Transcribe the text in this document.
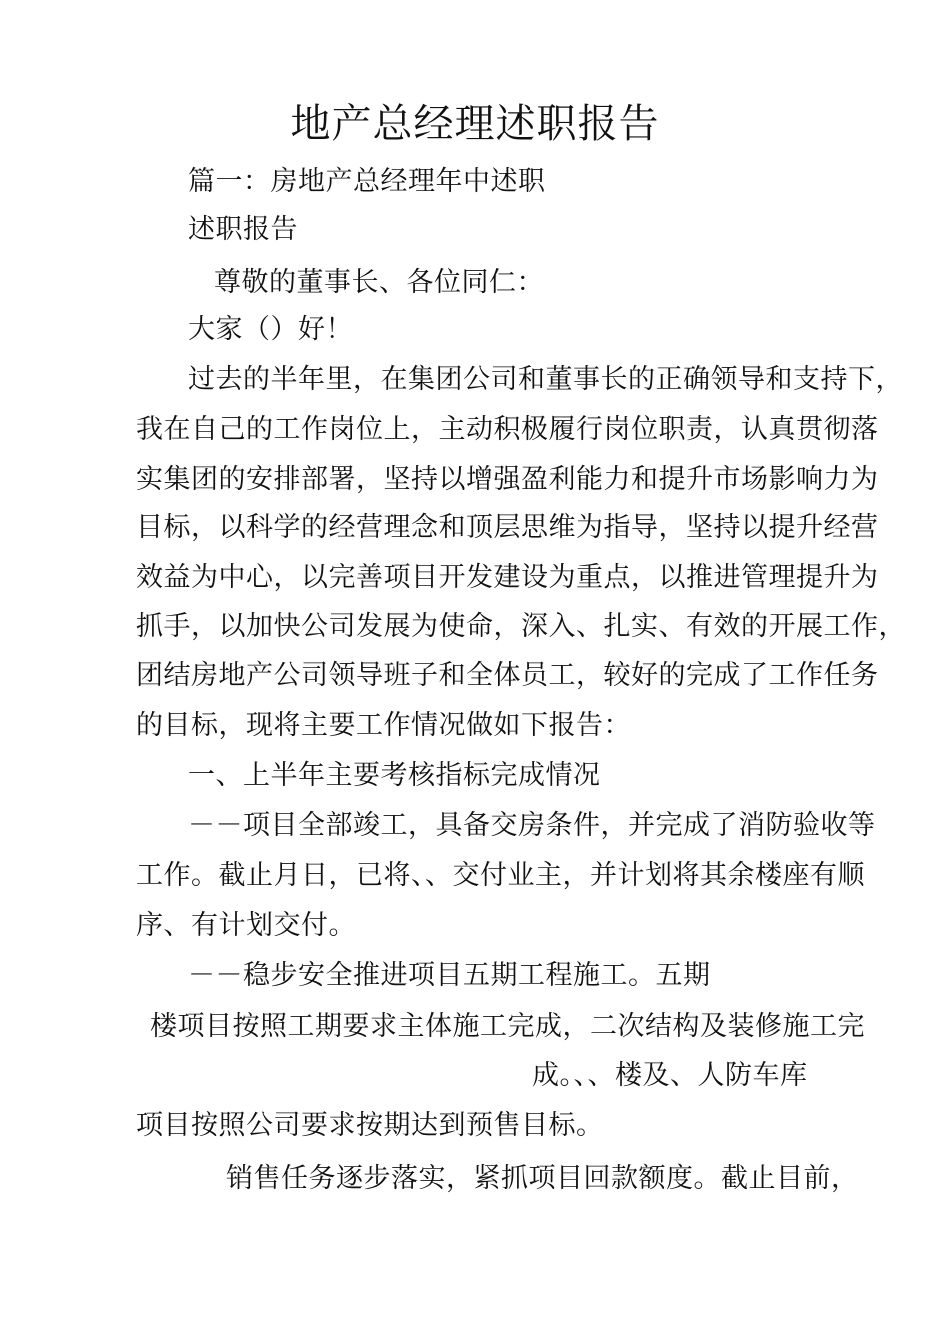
地产总经理述职报告
篇一：房地产总经理年中述职
述职报告
尊敬的董事长、各位同仁：
大家（）好！
过去的半年里，在集团公司和董事长的正确领导和支持下，
我在自己的工作岗位上，主动积极履行岗位职责，认真贯彻落
实集团的安排部署，坚持以增强盈利能力和提升市场影响力为
目标，以科学的经营理念和顶层思维为指导，坚持以提升经营
效益为中心，以完善项目开发建设为重点，以推进管理提升为
抓手，以加快公司发展为使命，深入、扎实、有效的开展工作，
团结房地产公司领导班子和全体员工，较好的完成了工作任务
的目标，现将主要工作情况做如下报告：
一、上半年主要考核指标完成情况
－－项目全部竣工，具备交房条件，并完成了消防验收等
工作。截止月日，已将、、交付业主，并计划将其余楼座有顺
序、有计划交付。
－－稳步安全推进项目五期工程施工。五期
楼项目按照工期要求主体施工完成，二次结构及装修施工完
成。、、楼及、人防车库
项目按照公司要求按期达到预售目标。
销售任务逐步落实，紧抓项目回款额度。截止目前，
